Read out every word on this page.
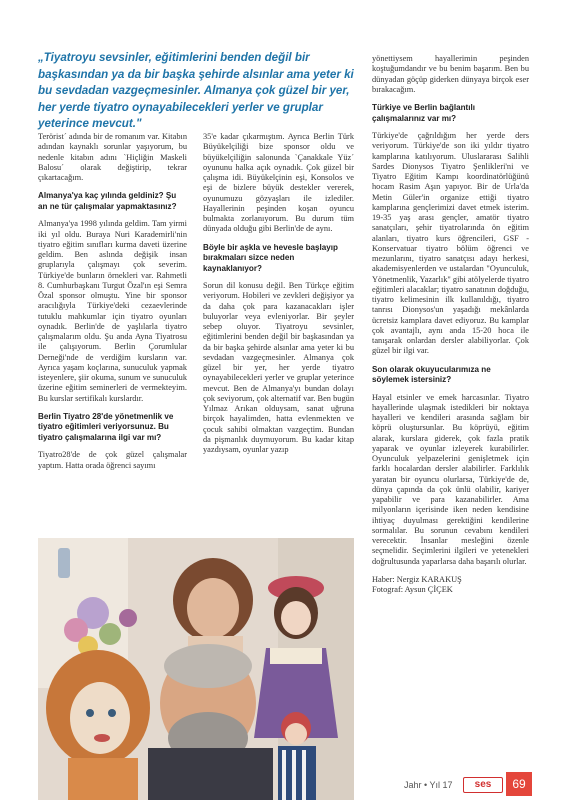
„Tiyatroyu sevsinler, eğitimlerini benden değil bir başkasından ya da bir başka şehirde alsınlar ama yeter ki bu sevdadan vazgeçmesinler. Almanya çok güzel bir yer, her yerde tiyatro oynayabilecekleri yerler ve gruplar yeterince mevcut."

Terörist´ adında bir de romanım var. Kitabın adından kaynaklı sorunlar yaşıyorum, bu nedenle kitabın adını `Hiçliğin Maskeli Balosu´ olarak değiştirip, tekrar çıkartacağım.

Almanya'ya kaç yılında geldiniz? Şu an ne tür çalışmalar yapmaktasınız?

Almanya'ya 1998 yılında geldim. Tam yirmi iki yıl oldu. Buraya Nuri Karademirli'nin tiyatro eğitim sınıfları kurma daveti üzerine geldim. Ben aslında değişik insan gruplarıyla çalışmayı çok severim. Türkiye'de bunların örnekleri var. Rahmetli 8. Cumhurbaşkanı Turgut Özal'ın eşi Semra Özal sponsor olmuştu. Yine bir sponsor aracılığıyla Türkiye'deki cezaevlerinde tutuklu mahkumlar için tiyatro oyunları oynadık. Berlin'de de yaşlılarla tiyatro çalışmalarım oldu. Şu anda Ayna Tiyatrosu ile çalışıyorum. Berlin Çorumlular Derneği'nde de verdiğim kursların var. Ayrıca yaşam koçlarına, sunuculuk yapmak isteyenlere, şiir okuma, sunum ve sunuculuk üzerine eğitim seminerleri de vermekteyim. Bu kurslar sertifikalı kurslardır.

Berlin Tiyatro 28'de yönetmenlik ve tiyatro eğitimleri veriyorsunuz. Bu tiyatro çalışmalarına ilgi var mı?

Tiyatro28'de de çok güzel çalışmalar yaptım. Hatta orada öğrenci sayımı

35'e kadar çıkarmıştım. Ayrıca Berlin Türk Büyükelçiliği bize sponsor oldu ve büyükelçiliğin salonunda `Çanakkale Yüz´ oyununu halka açık oynadık. Çok güzel bir çalışma idi. Büyükelçinin eşi, Konsolos ve eşi de bizlere büyük destekler vererek, oyunumuzu gözyaşları ile izlediler. Hayallerinin peşinden koşan oyuncu bulmakta zorlanıyorum. Bu durum tüm dünyada olduğu gibi Berlin'de de aynı.

Böyle bir aşkla ve hevesle başlayıp bırakmaları sizce neden kaynaklanıyor?

Sorun dil konusu değil. Ben Türkçe eğitim veriyorum. Hobileri ve zevkleri değişiyor ya da daha çok para kazanacakları işler buluyorlar veya evleniyorlar. Bir şeyler sebep oluyor. Tiyatroyu sevsinler, eğitimlerini benden değil bir başkasından ya da bir başka şehirde alsınlar ama yeter ki bu sevdadan vazgeçmesinler. Almanya çok güzel bir yer, her yerde tiyatro oynayabilecekleri yerler ve gruplar yeterince mevcut. Ben de Almanya'yı bundan dolayı çok seviyorum, çok alternatif var. Ben bugün Yılmaz Arıkan olduysam, sanat uğruna birçok hayalimden, hatta evlenmekten ve çocuk sahibi olmaktan vazgeçtim. Bundan da pişmanlık duymuyorum. Bu kadar kitap yazdıysam, oyunlar yazıp

yönettiysem hayallerimin peşinden koştuğumdandır ve bu benim başarım. Ben bu dünyadan göçüp giderken dünyaya birçok eser bırakacağım.

Türkiye ve Berlin bağlantılı çalışmalarınız var mı?

Türkiye'de çağrıldığım her yerde ders veriyorum. Türkiye'de son iki yıldır tiyatro kamplarına katılıyorum. Uluslararası Salihli Sardes Dionysos Tiyatro Şenlikleri'ni ve Tiyatro Eğitim Kampı koordinatörlüğünü hocam Rasim Aşın yapıyor. Bir de Urla'da Metin Güler'in organize ettiği tiyatro kamplarına gençlerimizi davet etmek isterim. 19-35 yaş arası gençler, amatör tiyatro sanatçıları, şehir tiyatrolarında ön eğitim alanları, tiyatro kurs öğrencileri, GSF - Konservatuar tiyatro bölüm öğrenci ve mezunlarını, tiyatro sanatçısı adayı herkesi, akademisyenlerden ve ustalardan "Oyunculuk, Yönetmenlik, Yazarlık" gibi atölyelerde tiyatro eğitimleri alacaklar; tiyatro sanatının doğduğu, tiyatro kelimesinin ilk kullanıldığı, tiyatro tanrısı Dionysos'un yaşadığı mekânlarda ücretsiz kamplara davet ediyoruz. Bu kamplar çok avantajlı, aynı anda 15-20 hoca ile tanışarak onlardan dersler alabiliyorlar. Çok güzel bir ilgi var.

Son olarak okuyucularımıza ne söylemek istersiniz?

Hayal etsinler ve emek harcasınlar. Tiyatro hayallerinde ulaşmak istedikleri bir noktaya hayalleri ve kendileri arasında sağlam bir köprü oluştursunlar. Bu köprüyü, eğitim alarak, kurslara giderek, çok fazla pratik yaparak ve oyunlar izleyerek kurabilirler. Oyunculuk yelpazelerini genişletmek için farklı hocalardan dersler alabilirler. Farklılık yaratan bir oyuncu olurlarsa, Türkiye'de de, dünya çapında da çok ünlü olabilir, kariyer yapabilir ve para kazanabilirler. Ama milyonların içerisinde iken neden kendisine ihtiyaç duyulması gerektiğini kendilerine sormalılar. Bu sorunun cevabını kendileri verecektir. İnsanlar mesleğini özenle seçmelidir. Seçimlerini ilgileri ve yetenekleri doğrultusunda yaparlarsa daha başarılı olurlar.

Haber: Nergiz KARAKUŞ
Fotograf: Aysun ÇİÇEK

Jahr • Yıl 17	ses	69
